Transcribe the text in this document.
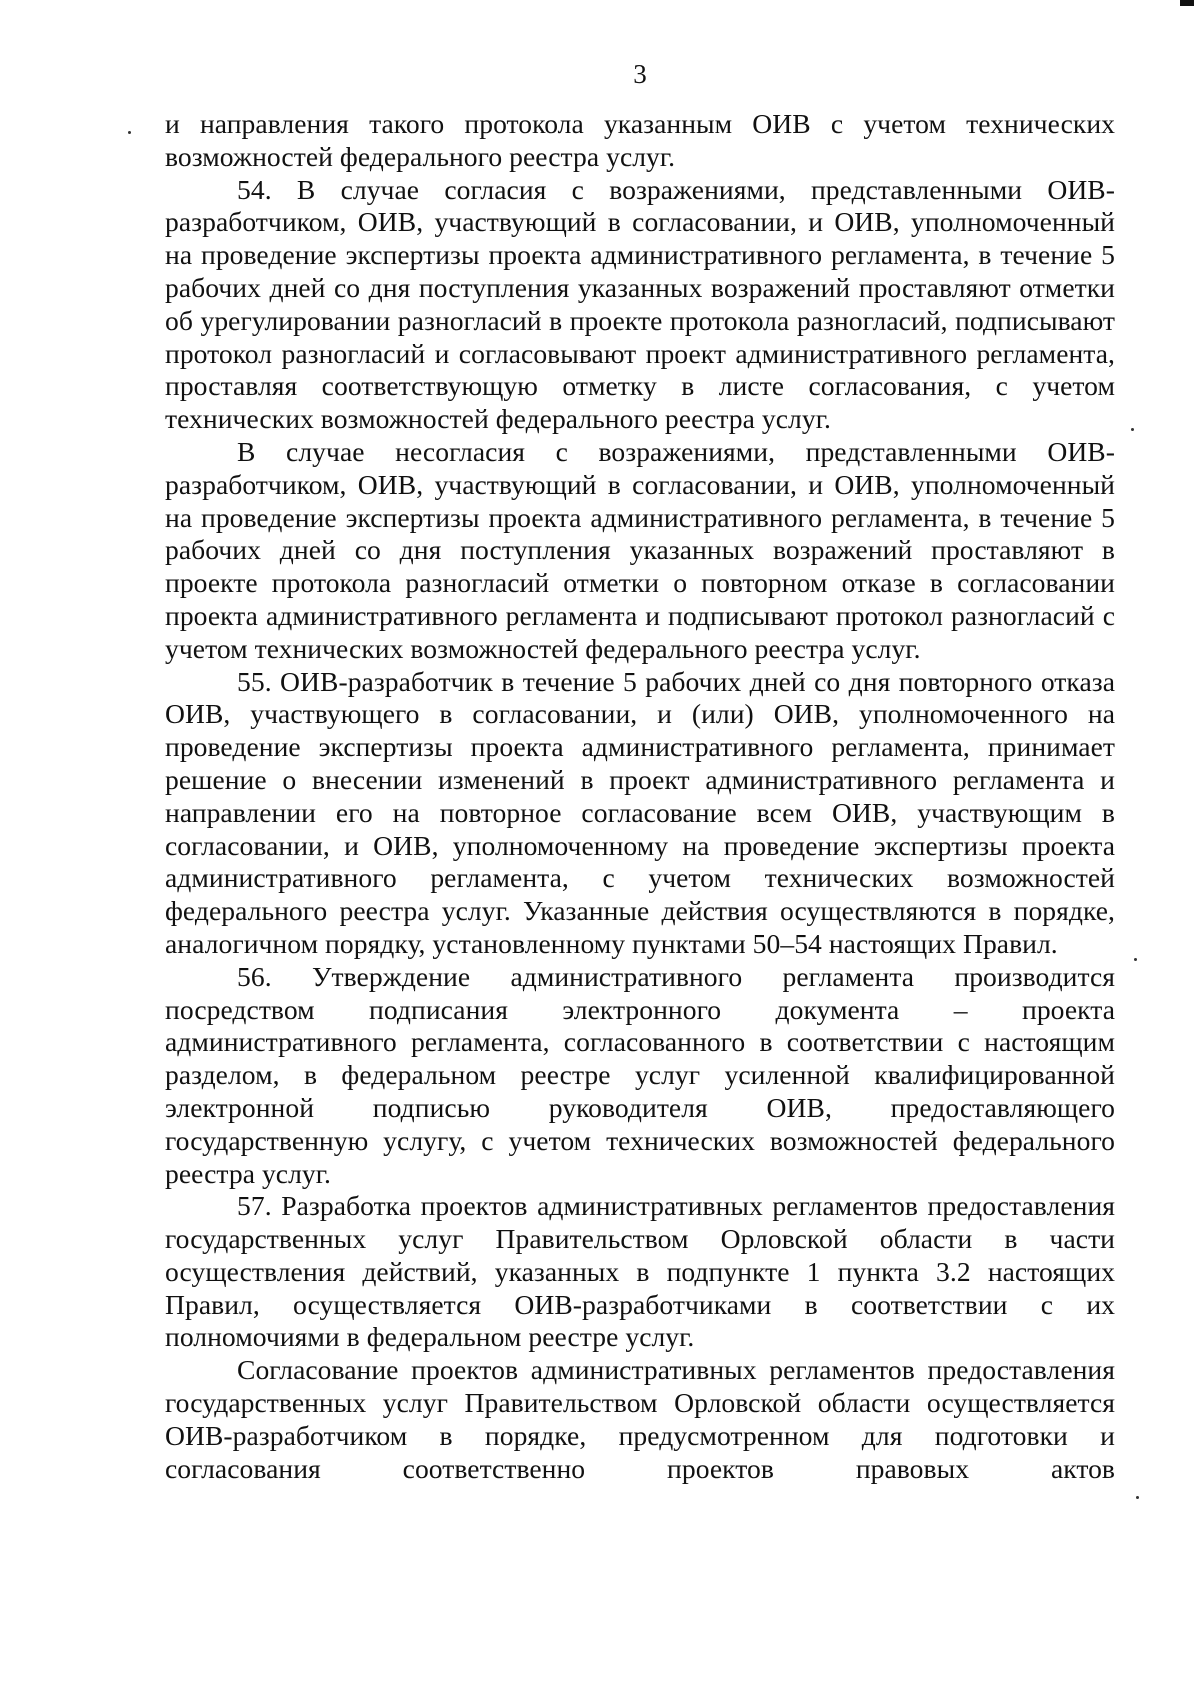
3

и направления такого протокола указанным ОИВ с учетом технических возможностей федерального реестра услуг.

54. В случае согласия с возражениями, представленными ОИВ-разработчиком, ОИВ, участвующий в согласовании, и ОИВ, уполномоченный на проведение экспертизы проекта административного регламента, в течение 5 рабочих дней со дня поступления указанных возражений проставляют отметки об урегулировании разногласий в проекте протокола разногласий, подписывают протокол разногласий и согласовывают проект административного регламента, проставляя соответствующую отметку в листе согласования, с учетом технических возможностей федерального реестра услуг.

В случае несогласия с возражениями, представленными ОИВ-разработчиком, ОИВ, участвующий в согласовании, и ОИВ, уполномоченный на проведение экспертизы проекта административного регламента, в течение 5 рабочих дней со дня поступления указанных возражений проставляют в проекте протокола разногласий отметки о повторном отказе в согласовании проекта административного регламента и подписывают протокол разногласий с учетом технических возможностей федерального реестра услуг.

55. ОИВ-разработчик в течение 5 рабочих дней со дня повторного отказа ОИВ, участвующего в согласовании, и (или) ОИВ, уполномоченного на проведение экспертизы проекта административного регламента, принимает решение о внесении изменений в проект административного регламента и направлении его на повторное согласование всем ОИВ, участвующим в согласовании, и ОИВ, уполномоченному на проведение экспертизы проекта административного регламента, с учетом технических возможностей федерального реестра услуг. Указанные действия осуществляются в порядке, аналогичном порядку, установленному пунктами 50–54 настоящих Правил.

56. Утверждение административного регламента производится посредством подписания электронного документа – проекта административного регламента, согласованного в соответствии с настоящим разделом, в федеральном реестре услуг усиленной квалифицированной электронной подписью руководителя ОИВ, предоставляющего государственную услугу, с учетом технических возможностей федерального реестра услуг.

57. Разработка проектов административных регламентов предоставления государственных услуг Правительством Орловской области в части осуществления действий, указанных в подпункте 1 пункта 3.2 настоящих Правил, осуществляется ОИВ-разработчиками в соответствии с их полномочиями в федеральном реестре услуг.

Согласование проектов административных регламентов предоставления государственных услуг Правительством Орловской области осуществляется ОИВ-разработчиком в порядке, предусмотренном для подготовки и согласования соответственно проектов правовых актов
